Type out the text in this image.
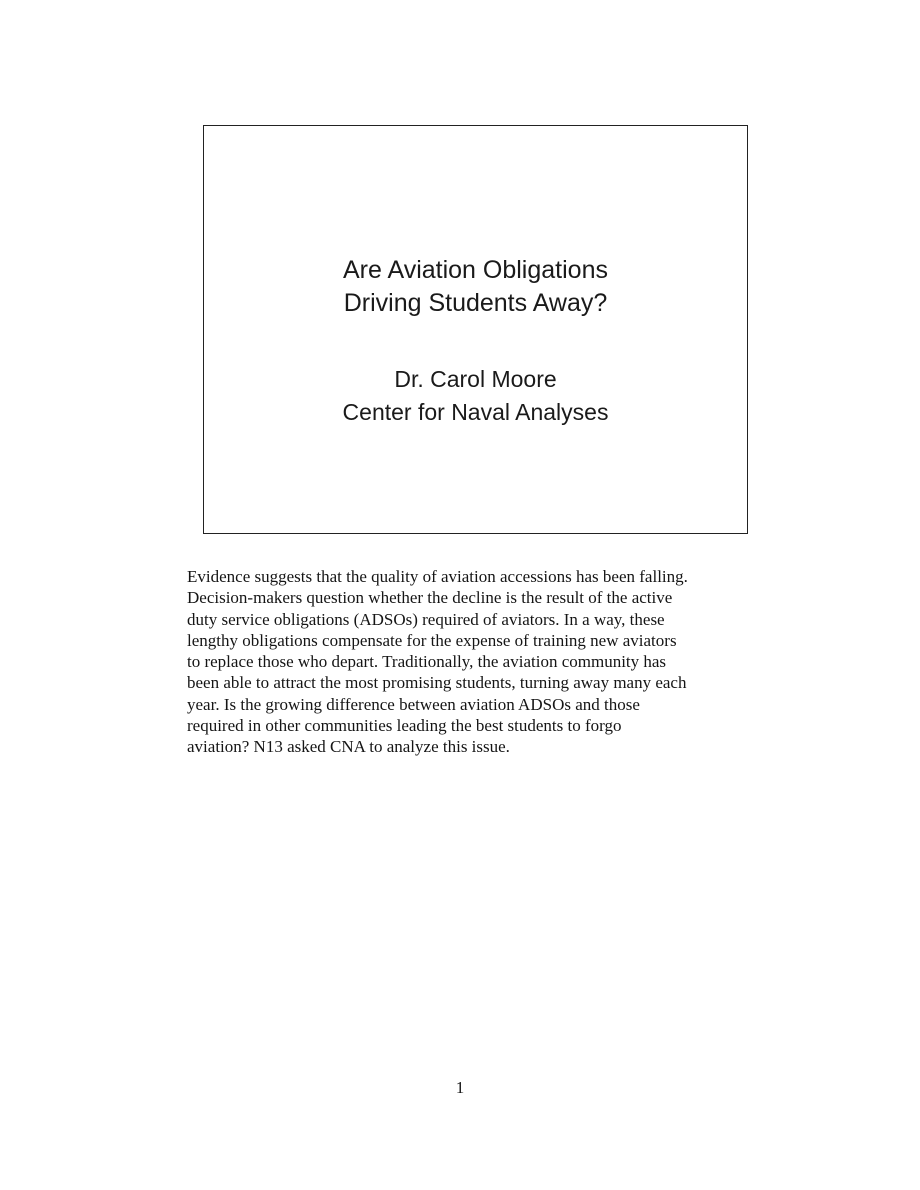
Are Aviation Obligations
Driving Students Away?
Dr. Carol Moore
Center for Naval Analyses
Evidence suggests that the quality of aviation accessions has been falling.
Decision-makers question whether the decline is the result of the active
duty service obligations (ADSOs) required of aviators. In a way, these
lengthy obligations compensate for the expense of training new aviators
to replace those who depart. Traditionally, the aviation community has
been able to attract the most promising students, turning away many each
year. Is the growing difference between aviation ADSOs and those
required in other communities leading the best students to forgo
aviation? N13 asked CNA to analyze this issue.
1
